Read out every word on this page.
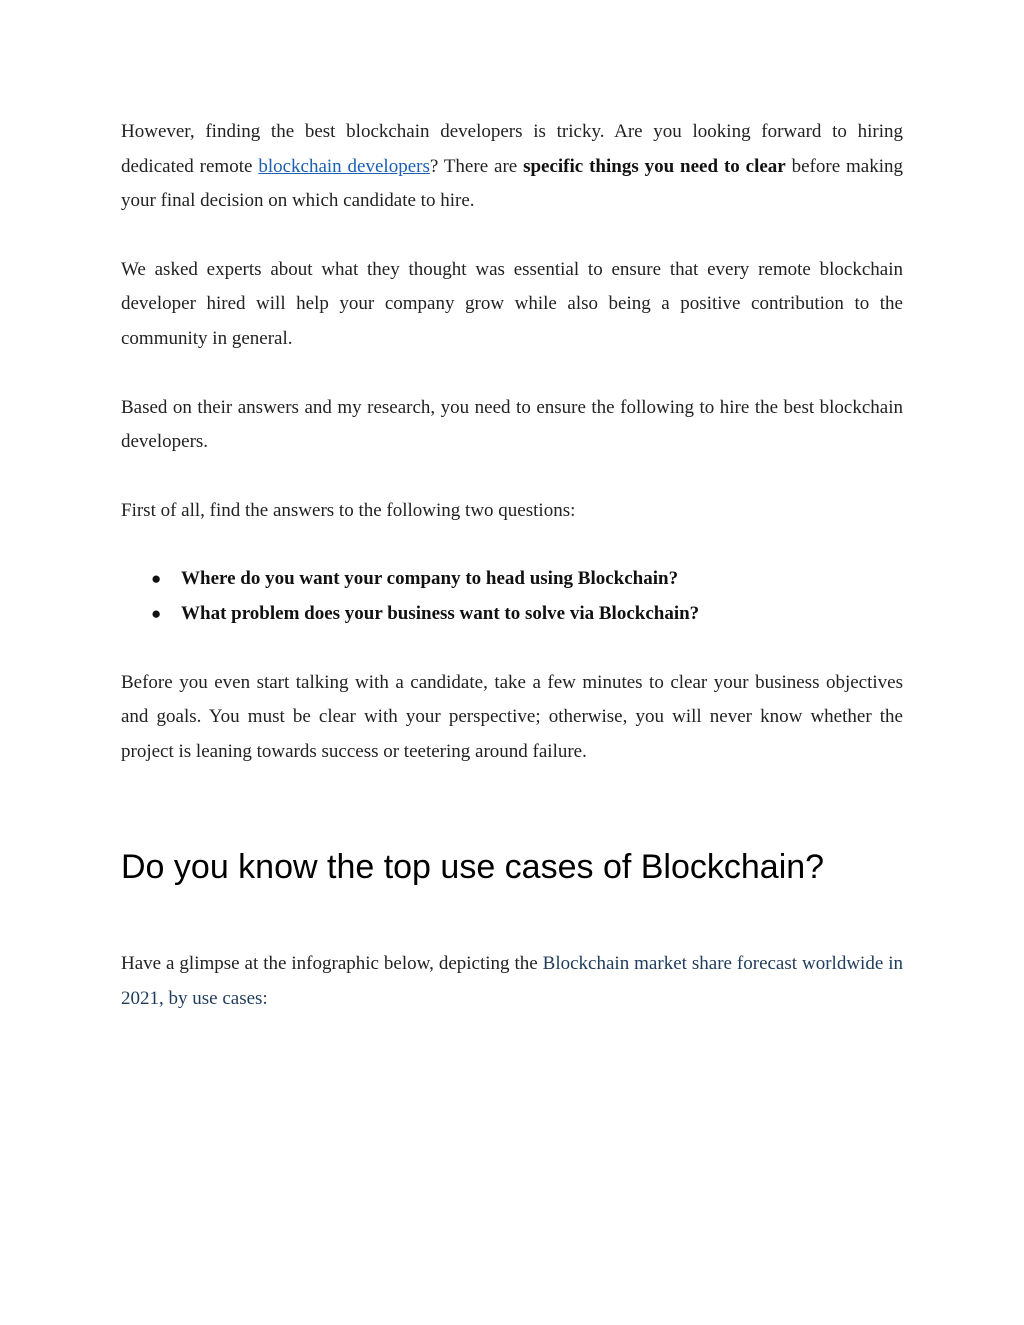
However, finding the best blockchain developers is tricky. Are you looking forward to hiring dedicated remote blockchain developers? There are specific things you need to clear before making your final decision on which candidate to hire.

We asked experts about what they thought was essential to ensure that every remote blockchain developer hired will help your company grow while also being a positive contribution to the community in general.

Based on their answers and my research, you need to ensure the following to hire the best blockchain developers.

First of all, find the answers to the following two questions:

● Where do you want your company to head using Blockchain?
● What problem does your business want to solve via Blockchain?

Before you even start talking with a candidate, take a few minutes to clear your business objectives and goals. You must be clear with your perspective; otherwise, you will never know whether the project is leaning towards success or teetering around failure.

Do you know the top use cases of Blockchain?

Have a glimpse at the infographic below, depicting the Blockchain market share forecast worldwide in 2021, by use cases:
